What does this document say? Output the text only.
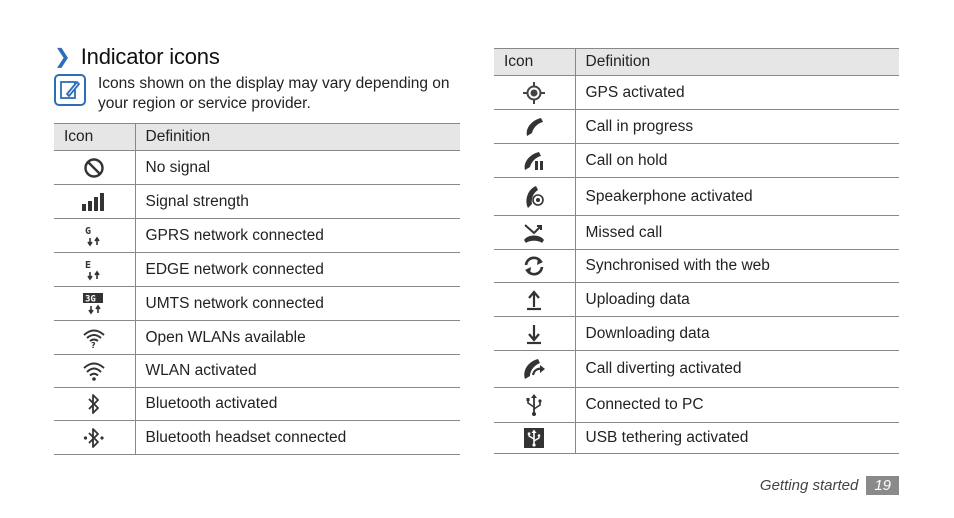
❯ Indicator icons
Icons shown on the display may vary depending on your region or service provider.
Icon	Definition
	No signal
	Signal strength

G	GPRS network connected

E	EDGE network connected

3G	UMTS network connected

?	Open WLANs available
	WLAN activated
	Bluetooth activated
	Bluetooth headset connected
Icon	Definition
	GPS activated
	Call in progress
	Call on hold
	Speakerphone activated
	Missed call
	Synchronised with the web
	Uploading data
	Downloading data
	Call diverting activated
	Connected to PC
	USB tethering activated
Getting started	19
